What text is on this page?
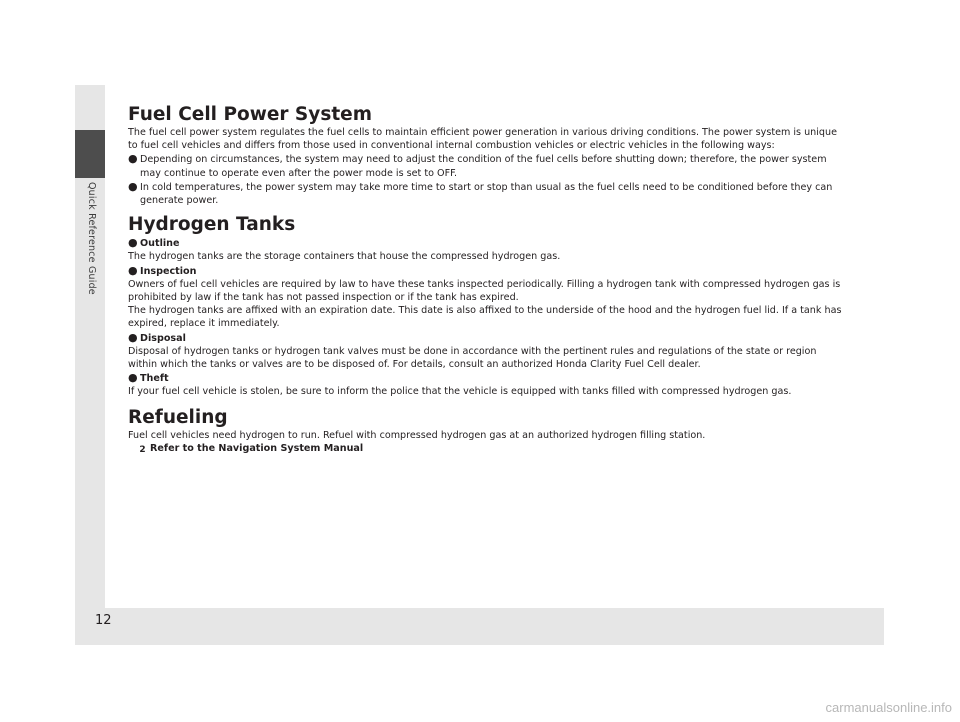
Quick Reference Guide
12
Fuel Cell Power System

The fuel cell power system regulates the fuel cells to maintain efficient power generation in various driving conditions. The power system is unique to fuel cell vehicles and differs from those used in conventional internal combustion vehicles or electric vehicles in the following ways:

● Depending on circumstances, the system may need to adjust the condition of the fuel cells before shutting down; therefore, the power system may continue to operate even after the power mode is set to OFF.

● In cold temperatures, the power system may take more time to start or stop than usual as the fuel cells need to be conditioned before they can generate power.

Hydrogen Tanks

● Outline

The hydrogen tanks are the storage containers that house the compressed hydrogen gas.

● Inspection

Owners of fuel cell vehicles are required by law to have these tanks inspected periodically. Filling a hydrogen tank with compressed hydrogen gas is prohibited by law if the tank has not passed inspection or if the tank has expired.

The hydrogen tanks are affixed with an expiration date. This date is also affixed to the underside of the hood and the hydrogen fuel lid. If a tank has expired, replace it immediately.

● Disposal

Disposal of hydrogen tanks or hydrogen tank valves must be done in accordance with the pertinent rules and regulations of the state or region within which the tanks or valves are to be disposed of. For details, consult an authorized Honda Clarity Fuel Cell dealer.

● Theft

If your fuel cell vehicle is stolen, be sure to inform the police that the vehicle is equipped with tanks filled with compressed hydrogen gas.

Refueling

Fuel cell vehicles need hydrogen to run. Refuel with compressed hydrogen gas at an authorized hydrogen filling station.

2 Refer to the Navigation System Manual

carmanualsonline.info
